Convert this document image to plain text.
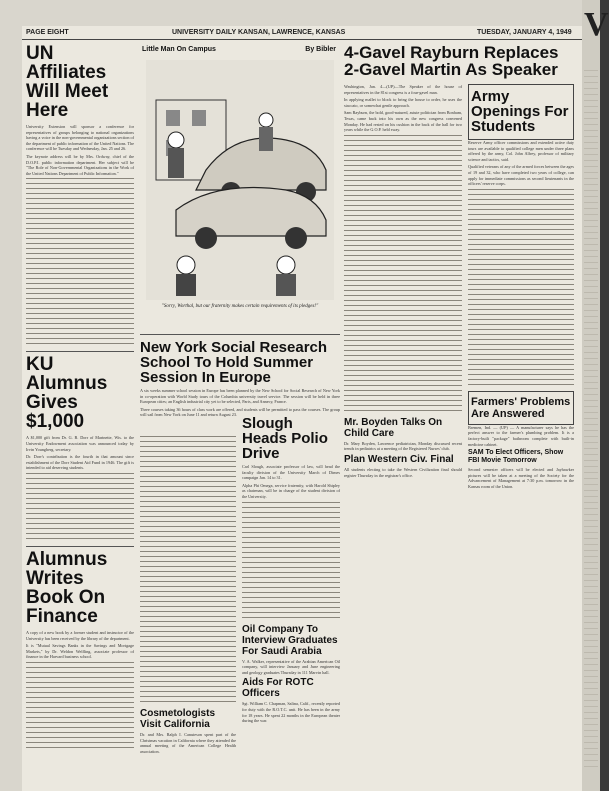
PAGE EIGHT	UNIVERSITY DAILY KANSAN, LAWRENCE, KANSAS	TUESDAY, JANUARY 4, 1949
UN Affiliates Will Meet Here

University Extension will sponsor a conference for representatives of groups belonging to national organizations having a voice in the non-governmental organizations section of the department of public information of the United Nations. The conference will be Tuesday and Wednesday, Jan. 25 and 26.

The keynote address will be by Mrs. Ordway, chief of the D.O.P.I. public information department. Her subject will be "The Role of Non-Governmental Organizations in the Work of the United Nations Department of Public Information."

KU Alumnus Gives $1,000

A $1,000 gift from Dr. G. B. Dorr of Marinette, Wis. to the University Endowment association was announced today by Irvin Youngberg, secretary.

Dr. Dorr's contribution is the fourth in that amount since establishment of the Dorr Student Aid Fund in 1946. The gift is intended to aid deserving students.

Alumnus Writes Book On Finance

A copy of a new book by a former student and instructor of the University has been received by the library of the department.

It is "Mutual Savings Banks in the Savings and Mortgage Markets," by Dr. Weldon Welfling, associate professor of finance in the Harvard business school.

Little Man On Campus	By Bibler
"Sorry, Worthal, but our fraternity makes certain requirements of its pledges!"
New York Social Research School To Hold Summer Session In Europe

A six weeks summer school session in Europe has been planned by the New School for Social Research of New York in co-operation with World Study tours of the Columbia university travel service. The session will be held in three European cities; an English industrial city yet to be selected, Paris, and Annecy, France.

Three courses taking 36 hours of class work are offered, and students will be permitted to pass the courses. The group will sail from New York on June 11 and return August 23.

Cosmetologists Visit California

Dr. and Mrs. Ralph I. Canuteson spent part of the Christmas vacation in California where they attended the annual meeting of the American College Health association.

Slough Heads Polio Drive

Carl Slough, associate professor of law, will head the faculty division of the University March of Dimes campaign Jan. 14 to 31.

Alpha Phi Omega, service fraternity, with Harold Shipley as chairman, will be in charge of the student division of the University.

Oil Company To Interview Graduates For Saudi Arabia

V. A. Walker, representative of the Arabian American Oil company, will interview January and June engineering and geology graduates Thursday in 111 Marvin hall.

Aids For ROTC Officers

Sgt. William C. Chapman, Salina, Calif., recently reported for duty with the R.O.T.C. unit. He has been in the army for 18 years. He spent 22 months in the European theater during the war.

4-Gavel Rayburn Replaces 2-Gavel Martin As Speaker

Washington, Jan. 4—(UP)—The Speaker of the house of representatives in the 81st congress is a four-gavel man.

In applying mallet to block to bring the house to order, he uses the staccato, or somewhat gentle approach.

Sam Rayburn, the bold, good-natured, astute politician from Bonham, Texas, came back into his own as the new congress convened Monday. He had rested on his cushion in the back of the hall for two years while the G.O.P. held sway.

Mr. Boyden Talks On Child Care

Dr. Mary Boyden, Lawrence pediatrician, Monday discussed recent trends in pediatrics at a meeting of the Registered Nurses' club.

Plan Western Civ. Final

All students electing to take the Western Civilization final should register Thursday in the registrar's office.

Army Openings For Students

Reserve Army officer commissions and extended active duty tours are available to qualified college men under three plans offered by the army, Col. John Alfrey, professor of military science and tactics, said.

Qualified veterans of any of the armed forces between the ages of 19 and 32, who have completed two years of college, can apply for immediate commissions as second lieutenants in the officers' reserve corps.

Farmers' Problems Are Answered

Bremen, Ind. — (UP) — A manufacturer says he has the perfect answer to the farmer's plumbing problem. It is a factory-built "package" bathroom complete with built-in medicine cabinet.

SAM To Elect Officers, Show FBI Movie Tomorrow

Second semester officers will be elected and Jayhawker pictures will be taken at a meeting of the Society for the Advancement of Management at 7:30 p.m. tomorrow in the Kansas room of the Union.

V
